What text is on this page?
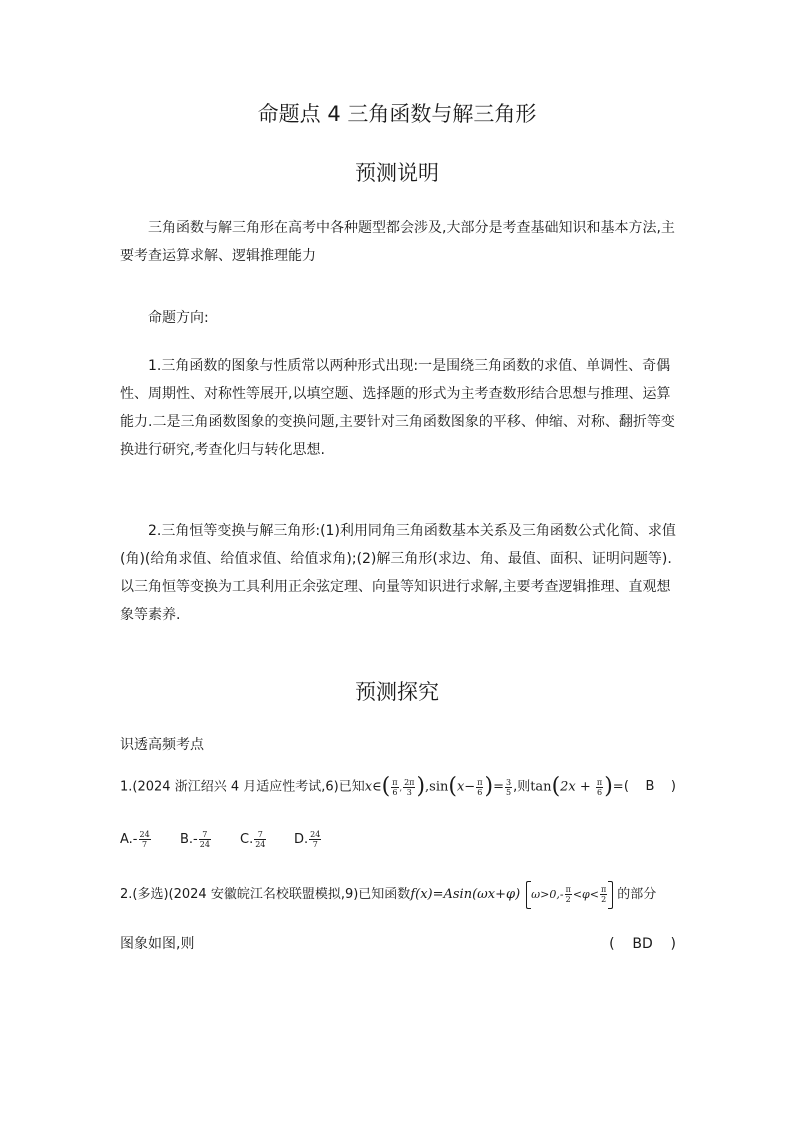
命题点 4 三角函数与解三角形
预测说明

三角函数与解三角形在高考中各种题型都会涉及,大部分是考查基础知识和基本方法,主要考查运算求解、逻辑推理能力

命题方向:

1.三角函数的图象与性质常以两种形式出现:一是围绕三角函数的求值、单调性、奇偶性、周期性、对称性等展开,以填空题、选择题的形式为主考查数形结合思想与推理、运算能力.二是三角函数图象的变换问题,主要针对三角函数图象的平移、伸缩、对称、翻折等变换进行研究,考查化归与转化思想.

2.三角恒等变换与解三角形:(1)利用同角三角函数基本关系及三角函数公式化简、求值(角)(给角求值、给值求值、给值求角);(2)解三角形(求边、角、最值、面积、证明问题等).以三角恒等变换为工具利用正余弦定理、向量等知识进行求解,主要考查逻辑推理、直观想象等素养.

预测探究
识透高频考点
1.(2024 浙江绍兴 4 月适应性考试,6)已知x∈( $\frac{\pi}{6}$ , $\frac{2\pi}{3} ),\sin(x- \frac{\pi}{6}$ )= $\frac{3}{5}$ ,则$\tan(2x + \frac{\pi}{6}$ )= (    B    )
$A.- \frac{24}{7} B.- \frac{7}{24} C$. $\frac{7}{24} D$. $\frac{24}{7}$
2.(多选)(2024 安徽皖江名校联盟模拟,9)已知函数f(x)=Asin(ωx+φ) $\omega>0,- \frac{\pi}{2} <\varphi< \frac{\pi}{2}$ 的部分
图象如图,则	(    BD    )
